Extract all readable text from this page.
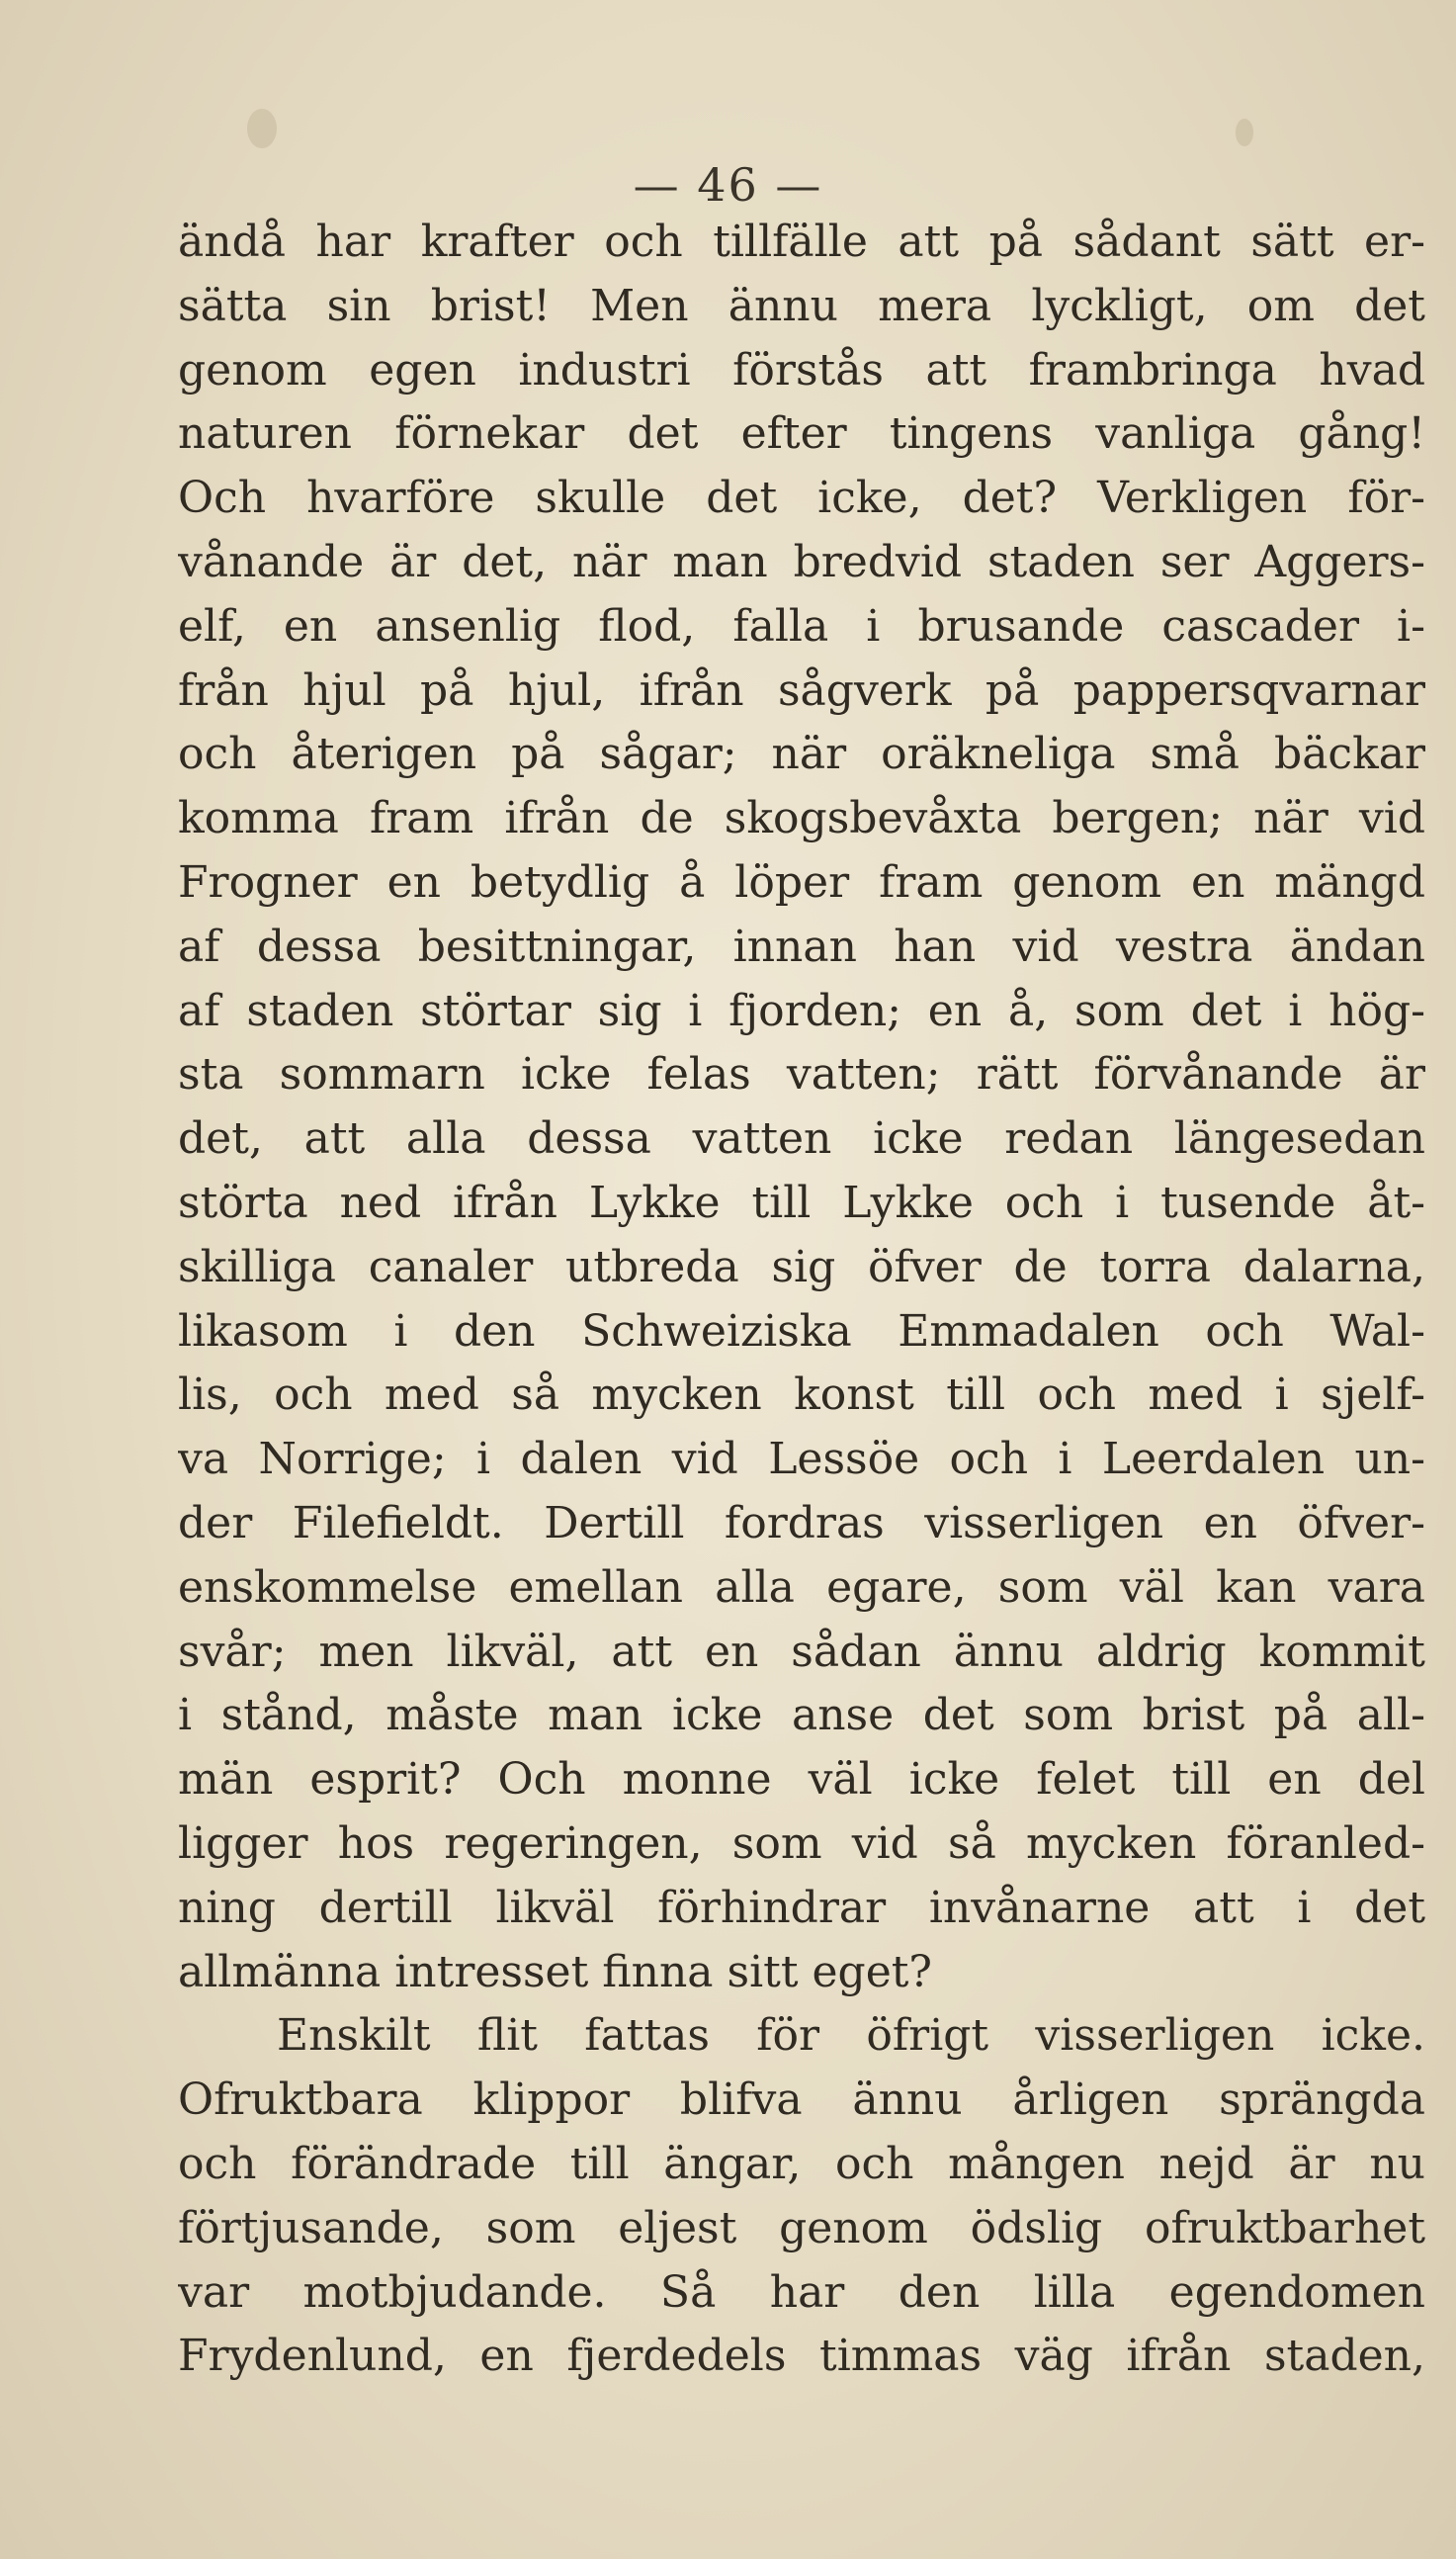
— 46 —
ändå har krafter och tillfälle att på sådant sätt er-
sätta sin brist! Men ännu mera lyckligt, om det
genom egen industri förstås att frambringa hvad
naturen förnekar det efter tingens vanliga gång!
Och hvarföre skulle det icke, det? Verkligen för-
vånande är det, när man bredvid staden ser Aggers-
elf, en ansenlig flod, falla i brusande cascader i-
från hjul på hjul, ifrån sågverk på pappersqvarnar
och återigen på sågar; när oräkneliga små bäckar
komma fram ifrån de skogsbevåxta bergen; när vid
Frogner en betydlig å löper fram genom en mängd
af dessa besittningar, innan han vid vestra ändan
af staden störtar sig i fjorden; en å, som det i hög-
sta sommarn icke felas vatten; rätt förvånande är
det, att alla dessa vatten icke redan längesedan
störta ned ifrån Lykke till Lykke och i tusende åt-
skilliga canaler utbreda sig öfver de torra dalarna,
likasom i den Schweiziska Emmadalen och Wal-
lis, och med så mycken konst till och med i sjelf-
va Norrige; i dalen vid Lessöe och i Leerdalen un-
der Filefieldt. Dertill fordras visserligen en öfver-
enskommelse emellan alla egare, som väl kan vara
svår; men likväl, att en sådan ännu aldrig kommit
i stånd, måste man icke anse det som brist på all-
män esprit? Och monne väl icke felet till en del
ligger hos regeringen, som vid så mycken föranled-
ning dertill likväl förhindrar invånarne att i det
allmänna intresset finna sitt eget?
Enskilt flit fattas för öfrigt visserligen icke.
Ofruktbara klippor blifva ännu årligen sprängda
och förändrade till ängar, och mången nejd är nu
förtjusande, som eljest genom ödslig ofruktbarhet
var motbjudande. Så har den lilla egendomen
Frydenlund, en fjerdedels timmas väg ifrån staden,
